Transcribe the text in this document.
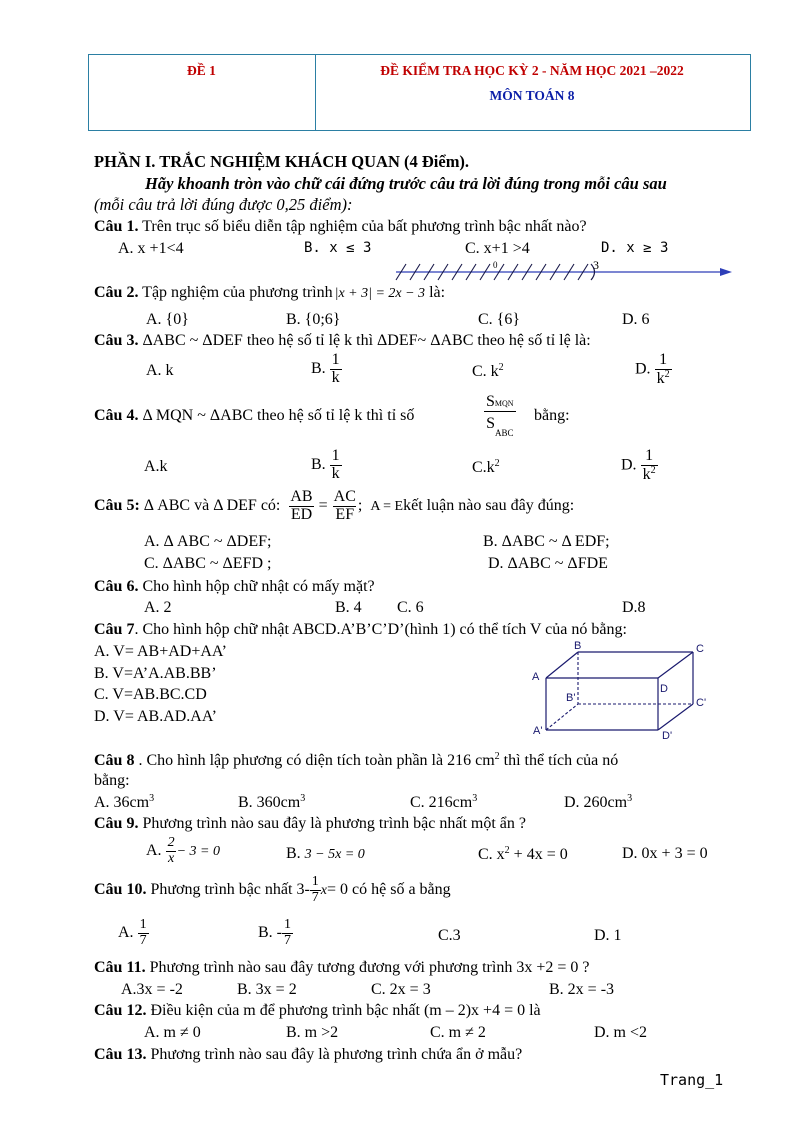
ĐỀ 1	ĐỀ KIỂM TRA HỌC KỲ 2 - NĂM HỌC 2021 –2022
MÔN TOÁN 8
PHẦN I. TRẮC NGHIỆM KHÁCH QUAN (4 Điểm).
Hãy khoanh tròn vào chữ cái đứng trước câu trả lời đúng trong mỗi câu sau
(mỗi câu trả lời đúng được 0,25 điểm):
Câu 1. Trên trục số biểu diễn tập nghiệm của bất phương trình bậc nhất nào?
A. x +1<4	B. x ≤ 3	C. x+1 >4	D. x ≥ 3
0	3
Câu 2. Tập nghiệm của phương trình |x + 3| = 2x − 3 là:
A. {0}	B. {0;6}	C. {6}	D. 6
Câu 3. ΔABC ~ ΔDEF theo hệ số tỉ lệ k thì ΔDEF~ ΔABC theo hệ số tỉ lệ là:
A. k	B. $\frac{1}{k}$	C. $k^2$	D. $\frac{1}{k^2}$
Câu 4. Δ MQN ~ ΔABC theo hệ số tỉ lệ k thì tỉ số	$\frac{\text{SMQN}}{S_{ABC}}$ bằng:
A.k	B. $\frac{1}{k}$	$C.k^2$	D. $\frac{1}{k^2}$
Câu 5: Δ ABC và Δ DEF có: $\frac{AB}{ED} = \frac{AC}{EF}$ ; A = Ekết luận nào sau đây đúng:
A. Δ ABC ~ ΔDEF;	B. ΔABC ~ Δ EDF;
C. ΔABC ~ ΔEFD ;	D. ΔABC ~ ΔFDE
Câu 6. Cho hình hộp chữ nhật có mấy mặt?
A. 2	B. 4 C. 6	D.8
Câu 7. Cho hình hộp chữ nhật ABCD.A’B’C’D’(hình 1) có thể tích V của nó bằng:
A. V= AB+AD+AA’
B. V=A’A.AB.BB’
C. V=AB.BC.CD
D. V= AB.AD.AA’
B	C
A
D
B'	C'
A'	D'
Câu 8 . Cho hình lập phương có diện tích toàn phần là 216 $cm^2$ thì thể tích của nó
bằng:
A. $36cm^3$	B. $360cm^3$	C. $216cm^3$	D. $260cm^3$
Câu 9. Phương trình nào sau đây là phương trình bậc nhất một ẩn ?
A. $\frac{2}{x} - 3 = 0$	B. 3 − 5x = 0	C. $x^2 + 4x = 0$	D. 0x + 3 = 0
Câu 10. Phương trình bậc nhất $3- \frac{1}{7} x= 0$ có hệ số a bằng
A. $\frac{1}{7}$	B. - $\frac{1}{7}$	C.3	D. 1
Câu 11. Phương trình nào sau đây tương đương với phương trình 3x +2 = 0 ?
A.3x = -2	B. 3x = 2	C. 2x = 3	B. 2x = -3
Câu 12. Điều kiện của m để phương trình bậc nhất (m – 2)x +4 = 0 là
A. m ≠ 0	B. m >2	C. m ≠ 2	D. m <2
Câu 13. Phương trình nào sau đây là phương trình chứa ẩn ở mẫu?
Trang_1
